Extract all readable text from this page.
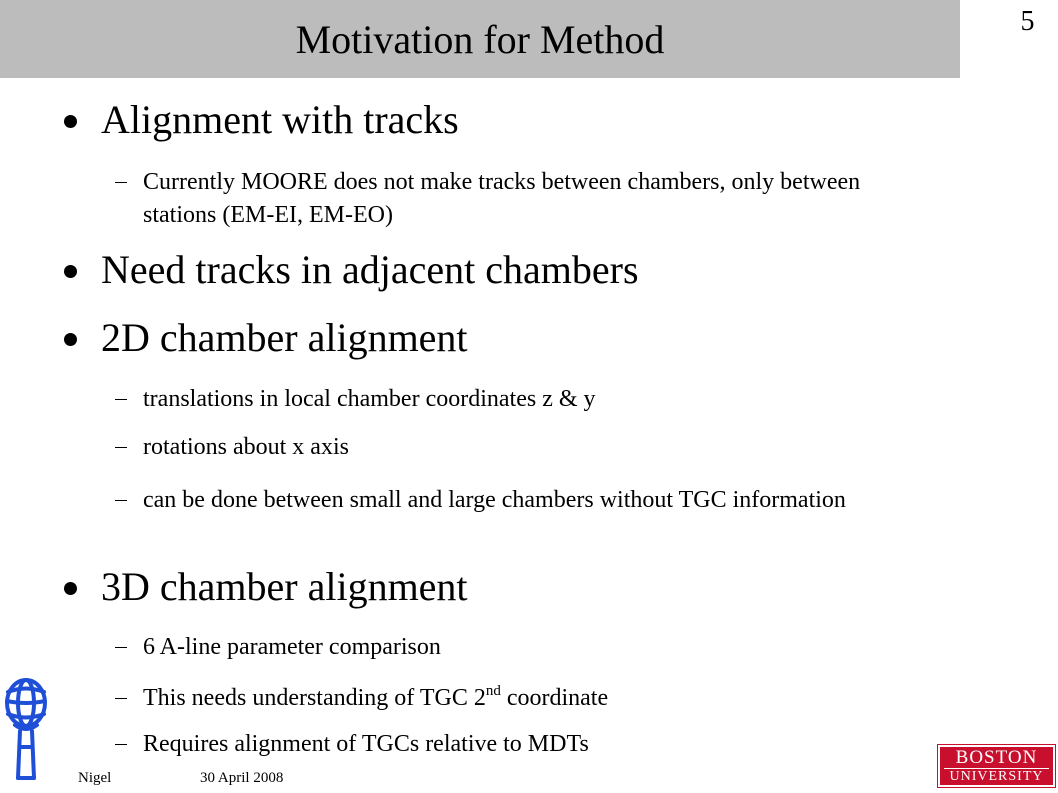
Motivation for Method	5
Alignment with tracks
Currently MOORE does not make tracks between chambers, only between stations (EM-EI, EM-EO)
Need tracks in adjacent chambers
2D chamber alignment
translations in local chamber coordinates z & y
rotations about x axis
can be done between small and large chambers without TGC information
3D chamber alignment
6 A-line parameter comparison
This needs understanding of TGC 2nd coordinate
Requires alignment of TGCs relative to MDTs
BOSTON
UNIVERSITY
Nigel	30 April 2008
